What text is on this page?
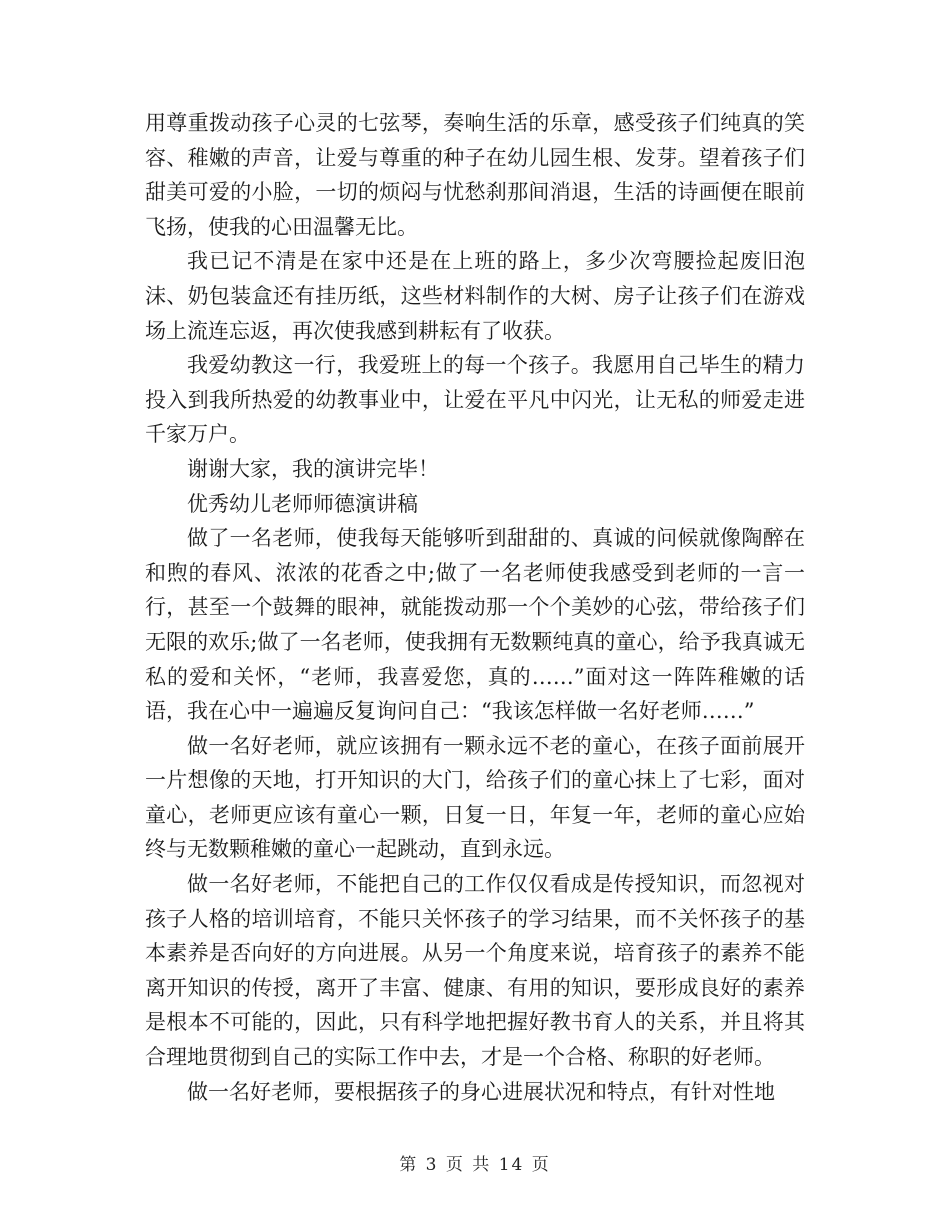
用尊重拨动孩子心灵的七弦琴，奏响生活的乐章，感受孩子们纯真的笑容、稚嫩的声音，让爱与尊重的种子在幼儿园生根、发芽。望着孩子们甜美可爱的小脸，一切的烦闷与忧愁刹那间消退，生活的诗画便在眼前飞扬，使我的心田温馨无比。

我已记不清是在家中还是在上班的路上，多少次弯腰捡起废旧泡沫、奶包装盒还有挂历纸，这些材料制作的大树、房子让孩子们在游戏场上流连忘返，再次使我感到耕耘有了收获。

我爱幼教这一行，我爱班上的每一个孩子。我愿用自己毕生的精力投入到我所热爱的幼教事业中，让爱在平凡中闪光，让无私的师爱走进千家万户。

谢谢大家，我的演讲完毕！

优秀幼儿老师师德演讲稿

做了一名老师，使我每天能够听到甜甜的、真诚的问候就像陶醉在和煦的春风、浓浓的花香之中;做了一名老师使我感受到老师的一言一行，甚至一个鼓舞的眼神，就能拨动那一个个美妙的心弦，带给孩子们无限的欢乐;做了一名老师，使我拥有无数颗纯真的童心，给予我真诚无私的爱和关怀，“老师，我喜爱您，真的……”面对这一阵阵稚嫩的话语，我在心中一遍遍反复询问自己：“我该怎样做一名好老师……”

做一名好老师，就应该拥有一颗永远不老的童心，在孩子面前展开一片想像的天地，打开知识的大门，给孩子们的童心抹上了七彩，面对童心，老师更应该有童心一颗，日复一日，年复一年，老师的童心应始终与无数颗稚嫩的童心一起跳动，直到永远。

做一名好老师，不能把自己的工作仅仅看成是传授知识，而忽视对孩子人格的培训培育，不能只关怀孩子的学习结果，而不关怀孩子的基本素养是否向好的方向进展。从另一个角度来说，培育孩子的素养不能离开知识的传授，离开了丰富、健康、有用的知识，要形成良好的素养是根本不可能的，因此，只有科学地把握好教书育人的关系，并且将其合理地贯彻到自己的实际工作中去，才是一个合格、称职的好老师。

做一名好老师，要根据孩子的身心进展状况和特点，有针对性地

第 3 页 共 14 页
